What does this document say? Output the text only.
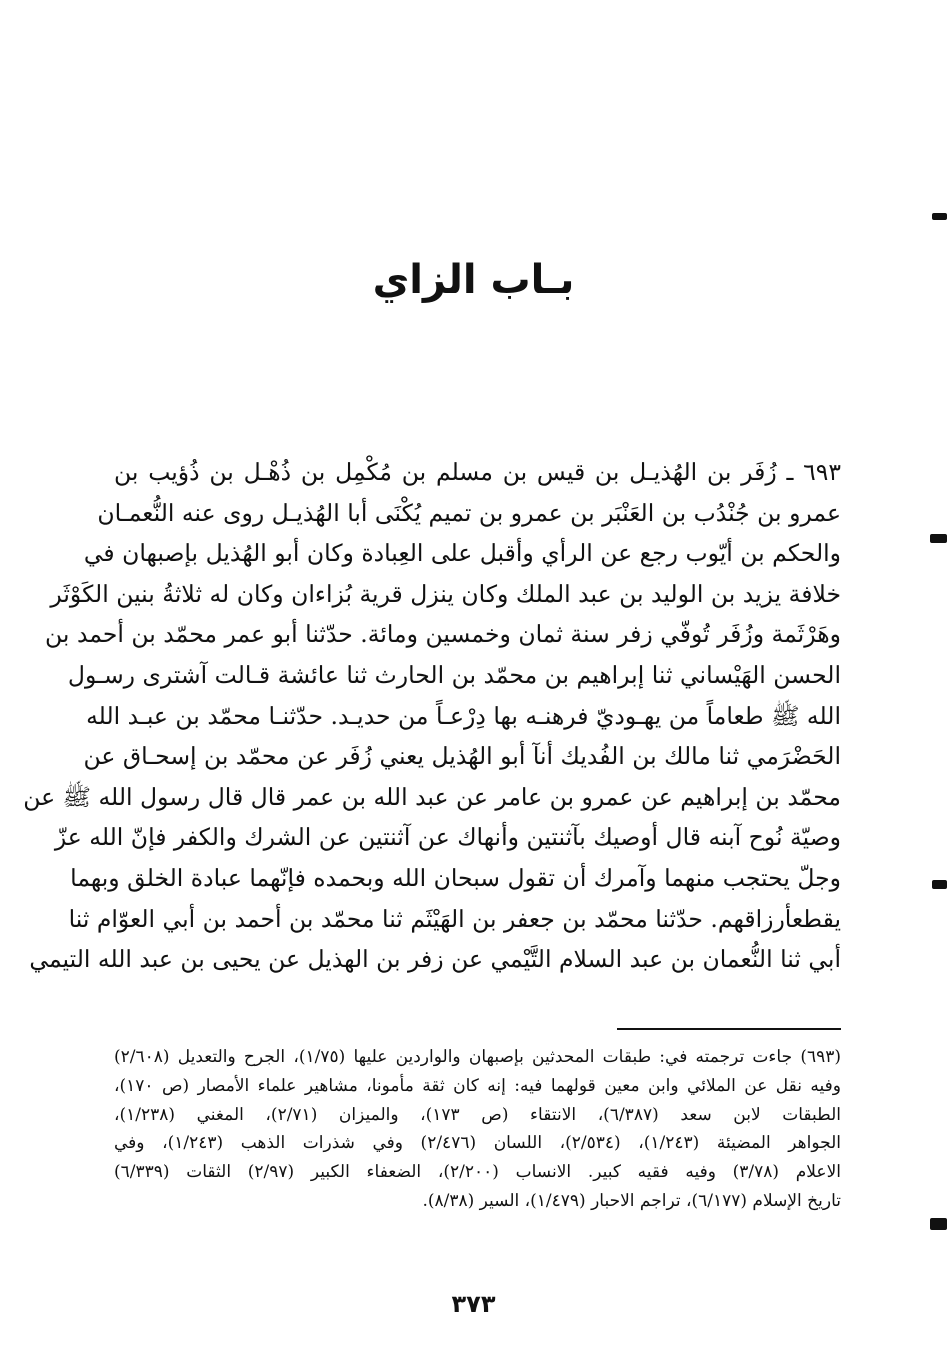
بـاب الزاي
٦٩٣ ـ زُفَر بن الهُذيـل بن قيس بن مسلم بن مُكْمِل بن ذُهْـل بن ذُؤيب بن
عمرو بن جُنْدُب بن العَنْبَر بن عمرو بن تميم يُكْنَى أبا الهُذيـل روى عنه النُّعمـان
والحكم بن أيّوب رجع عن الرأي وأقبل على العِبادة وكان أبو الهُذيل بإصبهان في
خلافة يزيد بن الوليد بن عبد الملك وكان ينزل قرية بُزاءان وكان له ثلاثةُ بنين الكَوْثَر
وهَرْثَمة وزُفَر تُوفّي زفر سنة ثمان وخمسين ومائة. حدّثنا أبو عمر محمّد بن أحمد بن
الحسن الهَيْساني ثنا إبراهيم بن محمّد بن الحارث ثنا عائشة قـالت آشترى رسـول
الله ﷺ طعاماً من يهـوديّ فرهنـه بها دِرْعـاً من حديـد. حدّثنـا محمّد بن عبـد الله
الحَضْرَمي ثنا مالك بن الفُديك أنآ أبو الهُذيل يعني زُفَر عن محمّد بن إسحـاق عن
محمّد بن إبراهيم عن عمرو بن عامر عن عبد الله بن عمر قال قال رسول الله ﷺ عن
وصيّة نُوح آبنه قال أوصيك بآثنتين وأنهاك عن آثنتين عن الشرك والكفر فإنّ الله عزّ
وجلّ يحتجب منهما وآمرك أن تقول سبحان الله وبحمده فإنّهما عبادة الخلق وبهما
يقطعأرزاقهم. حدّثنا محمّد بن جعفر بن الهَيْثَم ثنا محمّد بن أحمد بن أبي العوّام ثنا
أبي ثنا النُّعمان بن عبد السلام التَّيْمي عن زفر بن الهذيل عن يحيى بن عبد الله التيمي
(٦٩٣) جاءت ترجمته في: طبقات المحدثين بإصبهان والواردين عليها (١/٧٥)، الجرح والتعديل (٢/٦٠٨)
وفيه نقل عن الملائي وابن معين قولهما فيه: إنه كان ثقة مأمونا، مشاهير علماء الأمصار (ص ١٧٠)،
الطبقات لابن سعد (٦/٣٨٧)، الانتقاء (ص ١٧٣)، والميزان (٢/٧١)، المغني (١/٢٣٨)،
الجواهر المضيئة (١/٢٤٣)، (٢/٥٣٤)، اللسان (٢/٤٧٦) وفي شذرات الذهب (١/٢٤٣)، وفي
الاعلام (٣/٧٨) وفيه فقيه كبير. الانساب (٢/٢٠٠)، الضعفاء الكبير (٢/٩٧) الثقات (٦/٣٣٩)
تاريخ الإسلام (٦/١٧٧)، تراجم الاحبار (١/٤٧٩)، السير (٨/٣٨).
٣٧٣
